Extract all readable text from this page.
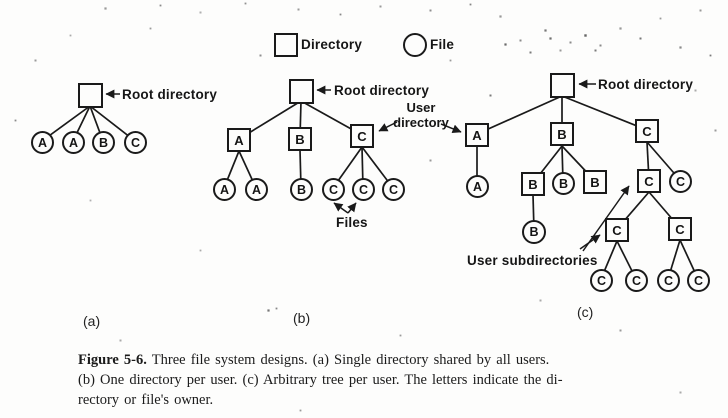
Directory	File
A	A	B	C
Root directory
A	B	C
A	A	B	C	C	C
Root directory
User
directory
Files
A	B	C
A	B	B	B	C	C
B	C	C
C	C	C	C
Root directory
User subdirectories
(a)	(b)	(c)
Figure 5-6. Three file system designs. (a) Single directory shared by all users.
(b) One directory per user. (c) Arbitrary tree per user. The letters indicate the di-
rectory or file's owner.
